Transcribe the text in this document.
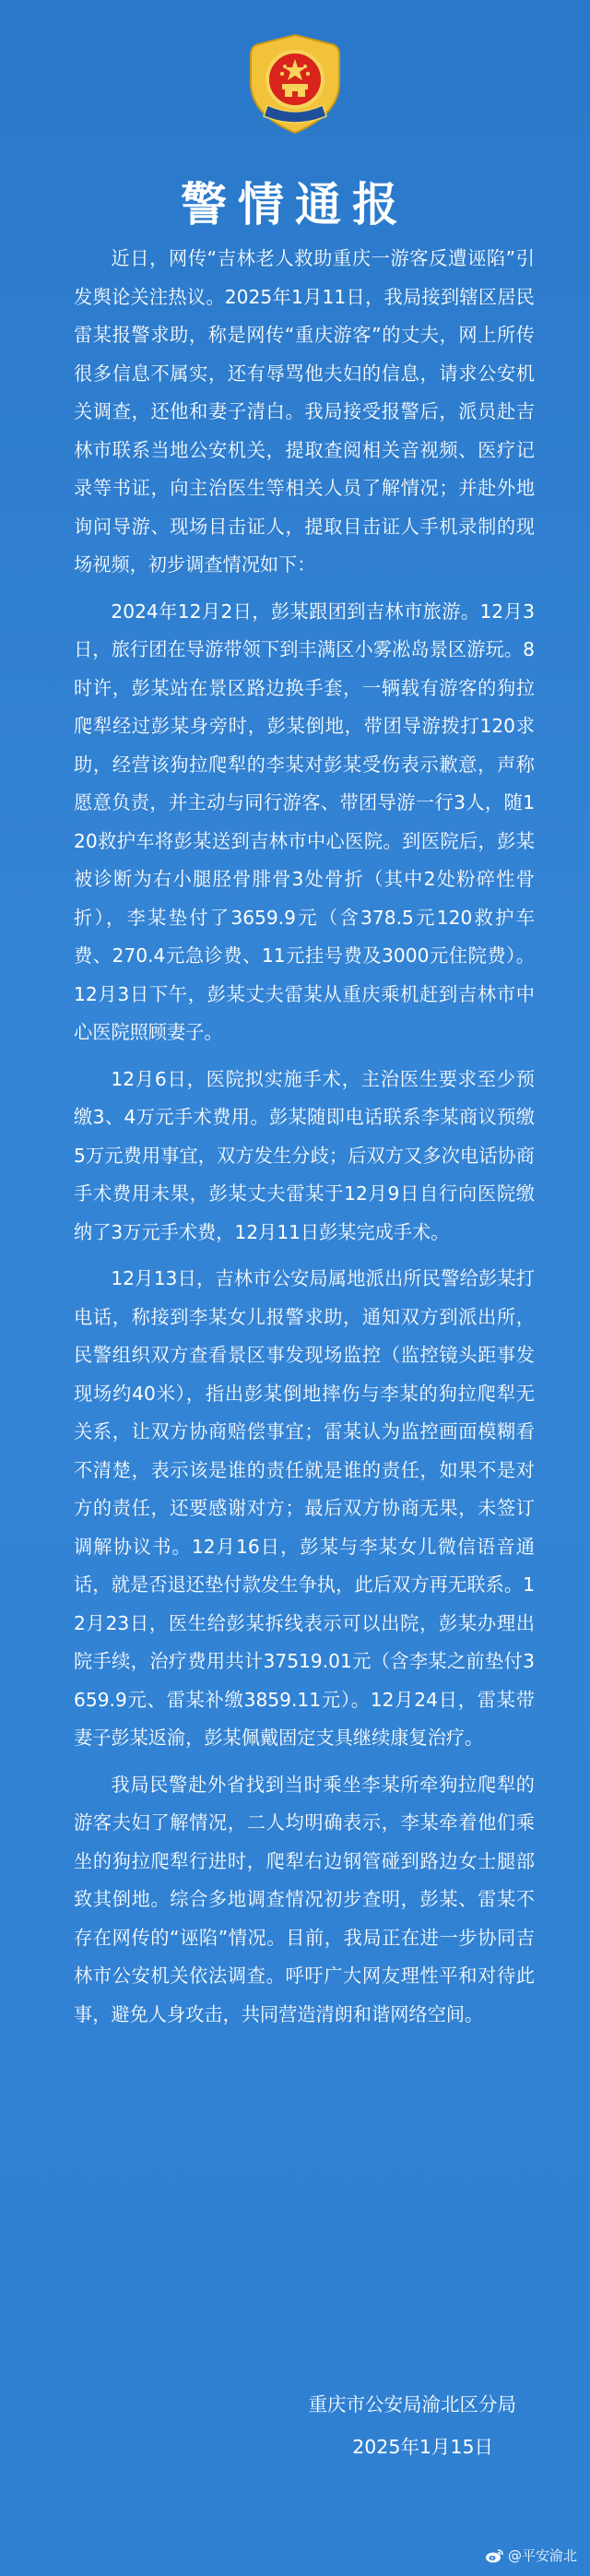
警情通报

近日，网传“吉林老人救助重庆一游客反遭诬陷”引发舆论关注热议。2025年1月11日，我局接到辖区居民雷某报警求助，称是网传“重庆游客”的丈夫，网上所传很多信息不属实，还有辱骂他夫妇的信息，请求公安机关调查，还他和妻子清白。我局接受报警后，派员赴吉林市联系当地公安机关，提取查阅相关音视频、医疗记录等书证，向主治医生等相关人员了解情况；并赴外地询问导游、现场目击证人，提取目击证人手机录制的现场视频，初步调查情况如下：

2024年12月2日，彭某跟团到吉林市旅游。12月3日，旅行团在导游带领下到丰满区小雾凇岛景区游玩。8时许，彭某站在景区路边换手套，一辆载有游客的狗拉爬犁经过彭某身旁时，彭某倒地，带团导游拨打120求助，经营该狗拉爬犁的李某对彭某受伤表示歉意，声称愿意负责，并主动与同行游客、带团导游一行3人，随120救护车将彭某送到吉林市中心医院。到医院后，彭某被诊断为右小腿胫骨腓骨3处骨折（其中2处粉碎性骨折），李某垫付了3659.9元（含378.5元120救护车费、270.4元急诊费、11元挂号费及3000元住院费）。12月3日下午，彭某丈夫雷某从重庆乘机赶到吉林市中心医院照顾妻子。

12月6日，医院拟实施手术，主治医生要求至少预缴3、4万元手术费用。彭某随即电话联系李某商议预缴5万元费用事宜，双方发生分歧；后双方又多次电话协商手术费用未果，彭某丈夫雷某于12月9日自行向医院缴纳了3万元手术费，12月11日彭某完成手术。

12月13日，吉林市公安局属地派出所民警给彭某打电话，称接到李某女儿报警求助，通知双方到派出所，民警组织双方查看景区事发现场监控（监控镜头距事发现场约40米），指出彭某倒地摔伤与李某的狗拉爬犁无关系，让双方协商赔偿事宜；雷某认为监控画面模糊看不清楚，表示该是谁的责任就是谁的责任，如果不是对方的责任，还要感谢对方；最后双方协商无果，未签订调解协议书。12月16日，彭某与李某女儿微信语音通话，就是否退还垫付款发生争执，此后双方再无联系。12月23日，医生给彭某拆线表示可以出院，彭某办理出院手续，治疗费用共计37519.01元（含李某之前垫付3659.9元、雷某补缴3859.11元）。12月24日，雷某带妻子彭某返渝，彭某佩戴固定支具继续康复治疗。

我局民警赴外省找到当时乘坐李某所牵狗拉爬犁的游客夫妇了解情况，二人均明确表示，李某牵着他们乘坐的狗拉爬犁行进时，爬犁右边钢管碰到路边女士腿部致其倒地。综合多地调查情况初步查明，彭某、雷某不存在网传的“诬陷”情况。目前，我局正在进一步协同吉林市公安机关依法调查。呼吁广大网友理性平和对待此事，避免人身攻击，共同营造清朗和谐网络空间。

重庆市公安局渝北区分局
2025年1月15日
@平安渝北
